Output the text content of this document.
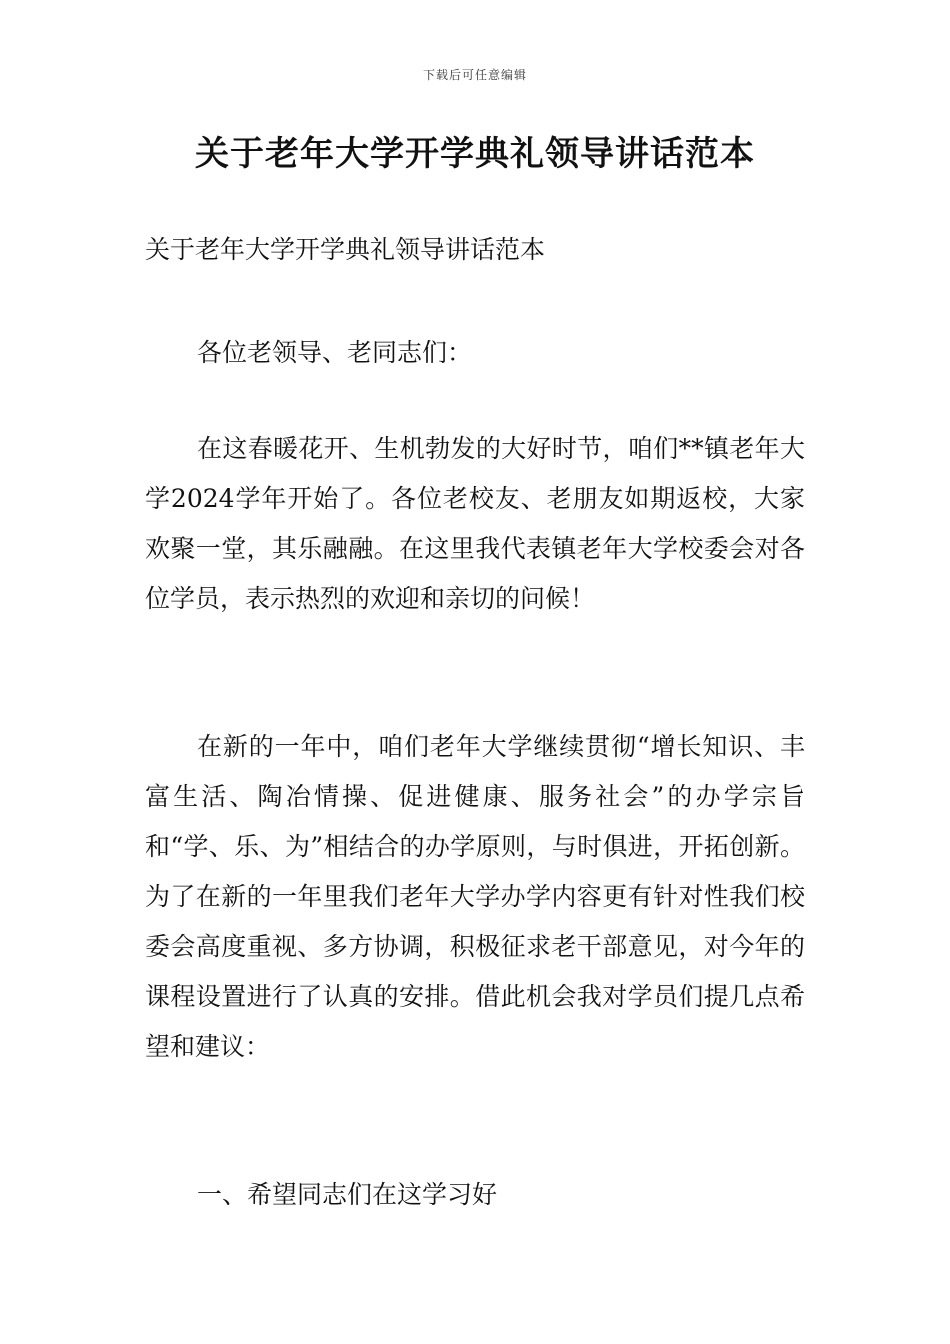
下载后可任意编辑
关于老年大学开学典礼领导讲话范本

关于老年大学开学典礼领导讲话范本

各位老领导、老同志们：

在这春暖花开、生机勃发的大好时节，咱们**镇老年大学2024学年开始了。各位老校友、老朋友如期返校，大家欢聚一堂，其乐融融。在这里我代表镇老年大学校委会对各位学员，表示热烈的欢迎和亲切的问候！

在新的一年中，咱们老年大学继续贯彻“增长知识、丰富生活、陶冶情操、促进健康、服务社会”的办学宗旨和“学、乐、为”相结合的办学原则，与时俱进，开拓创新。为了在新的一年里我们老年大学办学内容更有针对性我们校委会高度重视、多方协调，积极征求老干部意见，对今年的课程设置进行了认真的安排。借此机会我对学员们提几点希望和建议：

一、希望同志们在这学习好
